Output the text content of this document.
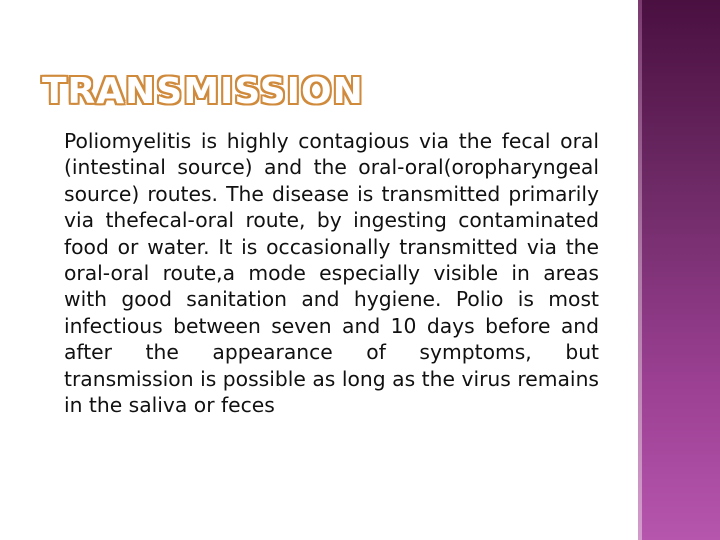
TRANSMISSION

Poliomyelitis is highly contagious via the fecal oral (intestinal source) and the oral-oral(oropharyngeal source) routes. The disease is transmitted primarily via thefecal-oral route, by ingesting contaminated food or water. It is occasionally transmitted via the oral-oral route,a mode especially visible in areas with good sanitation and hygiene. Polio is most infectious between seven and 10 days before and after the appearance of symptoms, but transmission is possible as long as the virus remains in the saliva or feces
